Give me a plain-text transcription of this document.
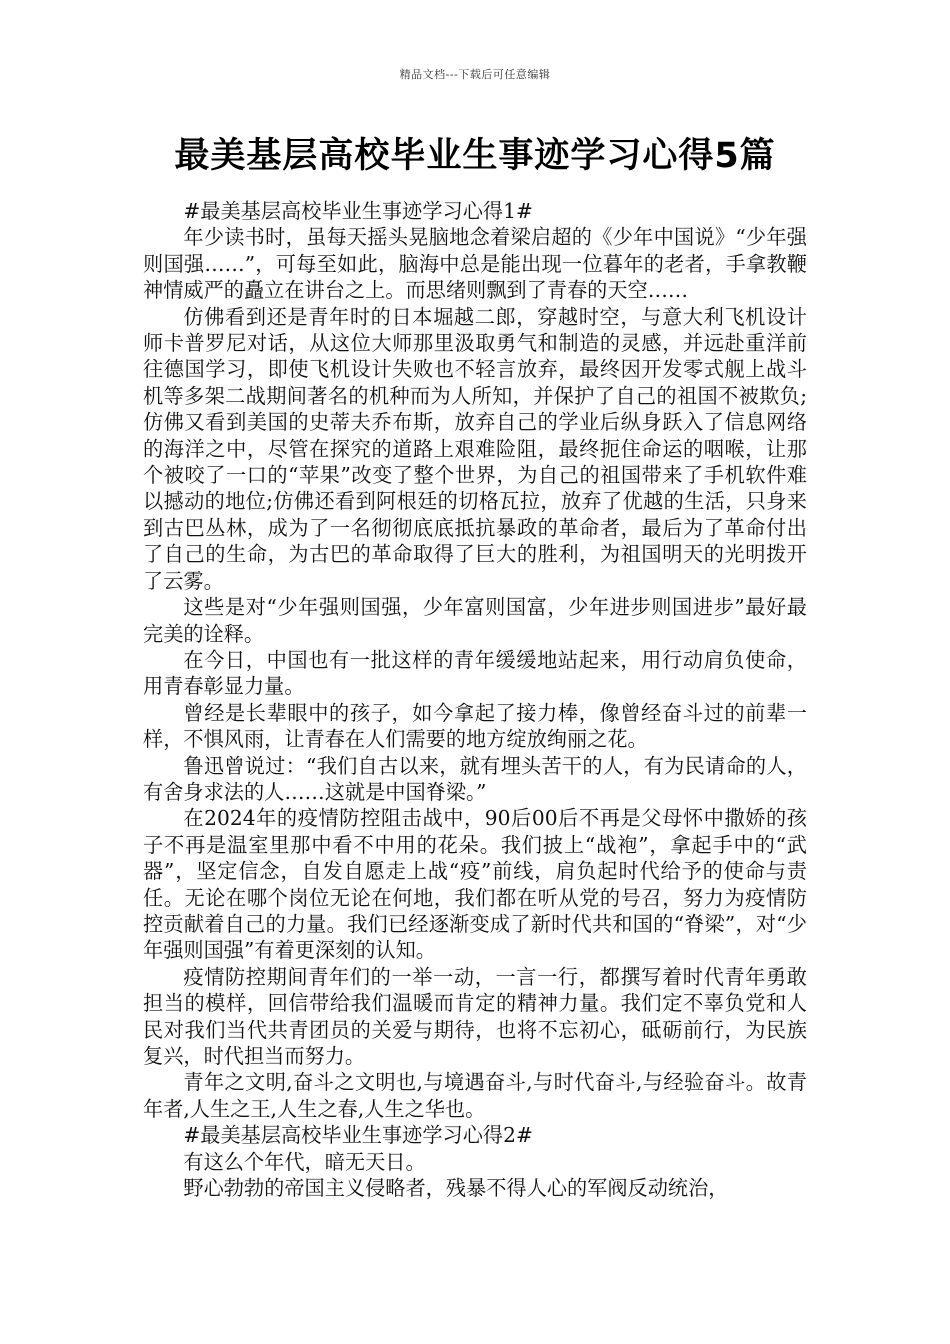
精品文档---下载后可任意编辑
最美基层高校毕业生事迹学习心得5篇

#最美基层高校毕业生事迹学习心得1#

年少读书时，虽每天摇头晃脑地念着梁启超的《少年中国说》“少年强则国强……”，可每至如此，脑海中总是能出现一位暮年的老者，手拿教鞭神情威严的矗立在讲台之上。而思绪则飘到了青春的天空……

仿佛看到还是青年时的日本堀越二郎，穿越时空，与意大利飞机设计师卡普罗尼对话，从这位大师那里汲取勇气和制造的灵感，并远赴重洋前往德国学习，即使飞机设计失败也不轻言放弃，最终因开发零式舰上战斗机等多架二战期间著名的机种而为人所知，并保护了自己的祖国不被欺负;仿佛又看到美国的史蒂夫乔布斯，放弃自己的学业后纵身跃入了信息网络的海洋之中，尽管在探究的道路上艰难险阻，最终扼住命运的咽喉，让那个被咬了一口的“苹果”改变了整个世界，为自己的祖国带来了手机软件难以撼动的地位;仿佛还看到阿根廷的切格瓦拉，放弃了优越的生活，只身来到古巴丛林，成为了一名彻彻底底抵抗暴政的革命者，最后为了革命付出了自己的生命，为古巴的革命取得了巨大的胜利，为祖国明天的光明拨开了云雾。

这些是对“少年强则国强，少年富则国富，少年进步则国进步”最好最完美的诠释。

在今日，中国也有一批这样的青年缓缓地站起来，用行动肩负使命，用青春彰显力量。

曾经是长辈眼中的孩子，如今拿起了接力棒，像曾经奋斗过的前辈一样，不惧风雨，让青春在人们需要的地方绽放绚丽之花。

鲁迅曾说过：“我们自古以来，就有埋头苦干的人，有为民请命的人，有舍身求法的人……这就是中国脊梁。”

在2024年的疫情防控阻击战中，90后00后不再是父母怀中撒娇的孩子不再是温室里那中看不中用的花朵。我们披上“战袍”，拿起手中的“武器”，坚定信念，自发自愿走上战“疫”前线，肩负起时代给予的使命与责任。无论在哪个岗位无论在何地，我们都在听从党的号召，努力为疫情防控贡献着自己的力量。我们已经逐渐变成了新时代共和国的“脊梁”，对“少年强则国强”有着更深刻的认知。

疫情防控期间青年们的一举一动，一言一行，都撰写着时代青年勇敢担当的模样，回信带给我们温暖而肯定的精神力量。我们定不辜负党和人民对我们当代共青团员的关爱与期待，也将不忘初心，砥砺前行，为民族复兴，时代担当而努力。

青年之文明,奋斗之文明也,与境遇奋斗,与时代奋斗,与经验奋斗。故青年者,人生之王,人生之春,人生之华也。

#最美基层高校毕业生事迹学习心得2#

有这么个年代，暗无天日。

野心勃勃的帝国主义侵略者，残暴不得人心的军阀反动统治，
